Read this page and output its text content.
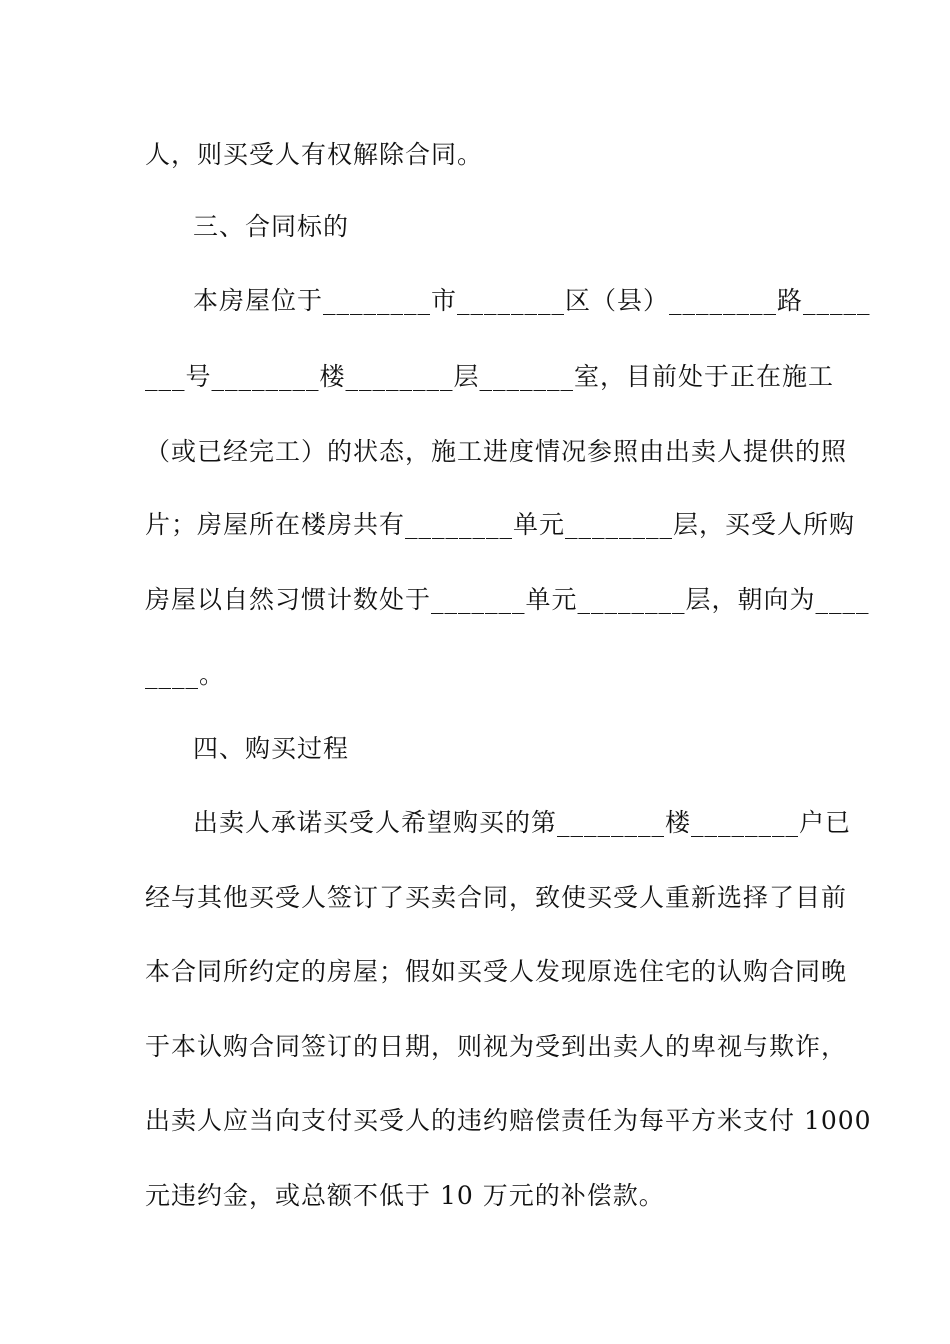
人，则买受人有权解除合同。
三、合同标的
本房屋位于________市________区（县）________路_____
___号________楼________层_______室，目前处于正在施工
（或已经完工）的状态，施工进度情况参照由出卖人提供的照
片；房屋所在楼房共有________单元________层，买受人所购
房屋以自然习惯计数处于_______单元________层，朝向为____
____。
四、购买过程
出卖人承诺买受人希望购买的第________楼________户已
经与其他买受人签订了买卖合同，致使买受人重新选择了目前
本合同所约定的房屋；假如买受人发现原选住宅的认购合同晚
于本认购合同签订的日期，则视为受到出卖人的卑视与欺诈，
出卖人应当向支付买受人的违约赔偿责任为每平方米支付 1000
元违约金，或总额不低于 10 万元的补偿款。
